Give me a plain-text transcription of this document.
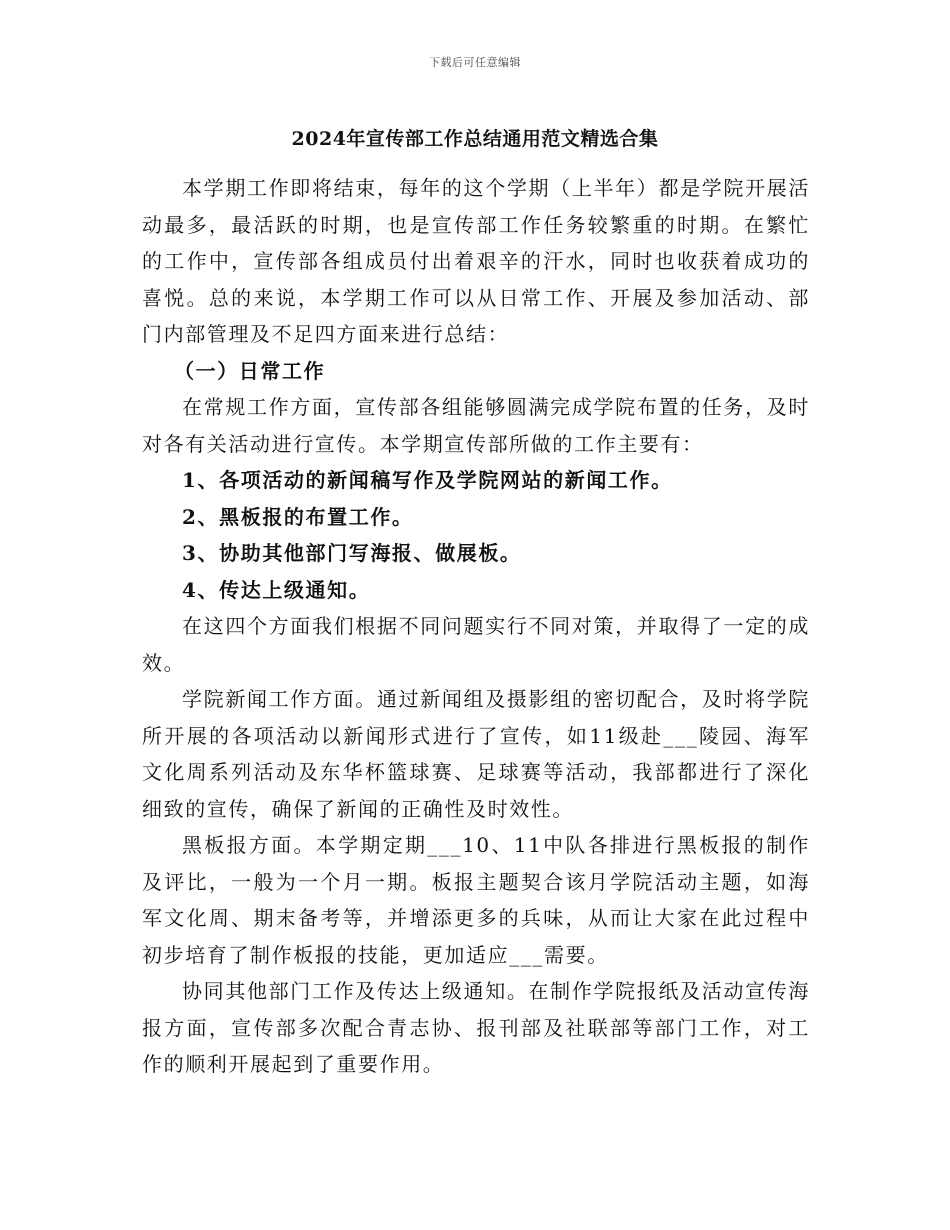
下载后可任意编辑
2024年宣传部工作总结通用范文精选合集

本学期工作即将结束，每年的这个学期（上半年）都是学院开展活动最多，最活跃的时期，也是宣传部工作任务较繁重的时期。在繁忙的工作中，宣传部各组成员付出着艰辛的汗水，同时也收获着成功的喜悦。总的来说，本学期工作可以从日常工作、开展及参加活动、部门内部管理及不足四方面来进行总结：

（一）日常工作

在常规工作方面，宣传部各组能够圆满完成学院布置的任务，及时对各有关活动进行宣传。本学期宣传部所做的工作主要有：

1、各项活动的新闻稿写作及学院网站的新闻工作。

2、黑板报的布置工作。

3、协助其他部门写海报、做展板。

4、传达上级通知。

在这四个方面我们根据不同问题实行不同对策，并取得了一定的成效。

学院新闻工作方面。通过新闻组及摄影组的密切配合，及时将学院所开展的各项活动以新闻形式进行了宣传，如11级赴___陵园、海军文化周系列活动及东华杯篮球赛、足球赛等活动，我部都进行了深化细致的宣传，确保了新闻的正确性及时效性。

黑板报方面。本学期定期___10、11中队各排进行黑板报的制作及评比，一般为一个月一期。板报主题契合该月学院活动主题，如海军文化周、期末备考等，并增添更多的兵味，从而让大家在此过程中初步培育了制作板报的技能，更加适应___需要。

协同其他部门工作及传达上级通知。在制作学院报纸及活动宣传海报方面，宣传部多次配合青志协、报刊部及社联部等部门工作，对工作的顺利开展起到了重要作用。
